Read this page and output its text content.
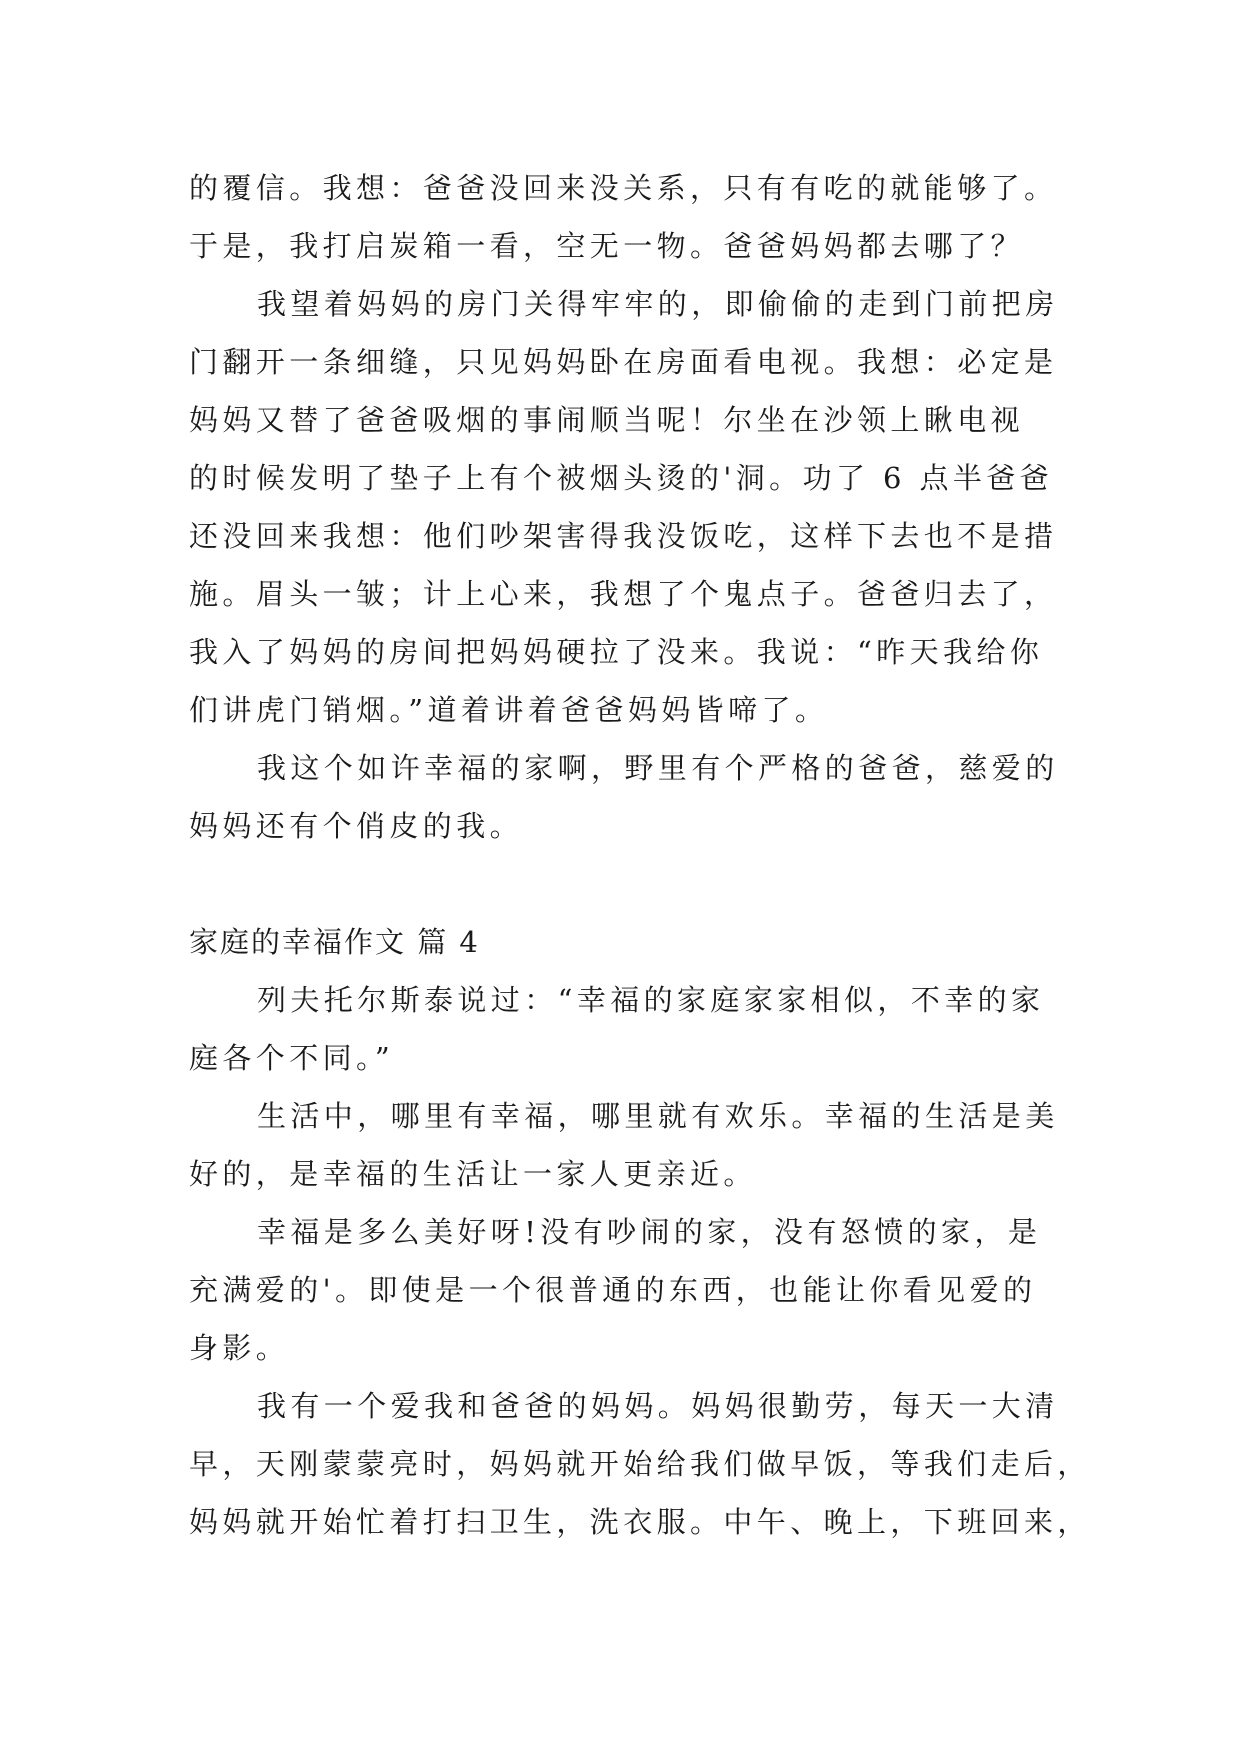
的覆信。我想：爸爸没回来没关系，只有有吃的就能够了。

于是，我打启炭箱一看，空无一物。爸爸妈妈都去哪了？

我望着妈妈的房门关得牢牢的，即偷偷的走到门前把房

门翻开一条细缝，只见妈妈卧在房面看电视。我想：必定是

妈妈又替了爸爸吸烟的事闹顺当呢！尔坐在沙领上瞅电视

的时候发明了垫子上有个被烟头烫的'洞。功了 6 点半爸爸

还没回来我想：他们吵架害得我没饭吃，这样下去也不是措

施。眉头一皱；计上心来，我想了个鬼点子。爸爸归去了，

我入了妈妈的房间把妈妈硬拉了没来。我说：“昨天我给你

们讲虎门销烟。”道着讲着爸爸妈妈皆啼了。

我这个如许幸福的家啊，野里有个严格的爸爸，慈爱的

妈妈还有个俏皮的我。

家庭的幸福作文 篇 4

列夫托尔斯泰说过：“幸福的家庭家家相似，不幸的家

庭各个不同。”

生活中，哪里有幸福，哪里就有欢乐。幸福的生活是美

好的，是幸福的生活让一家人更亲近。

幸福是多么美好呀!没有吵闹的家，没有怒愤的家，是

充满爱的'。即使是一个很普通的东西，也能让你看见爱的

身影。

我有一个爱我和爸爸的妈妈。妈妈很勤劳，每天一大清

早，天刚蒙蒙亮时，妈妈就开始给我们做早饭，等我们走后，

妈妈就开始忙着打扫卫生，洗衣服。中午、晚上，下班回来，
